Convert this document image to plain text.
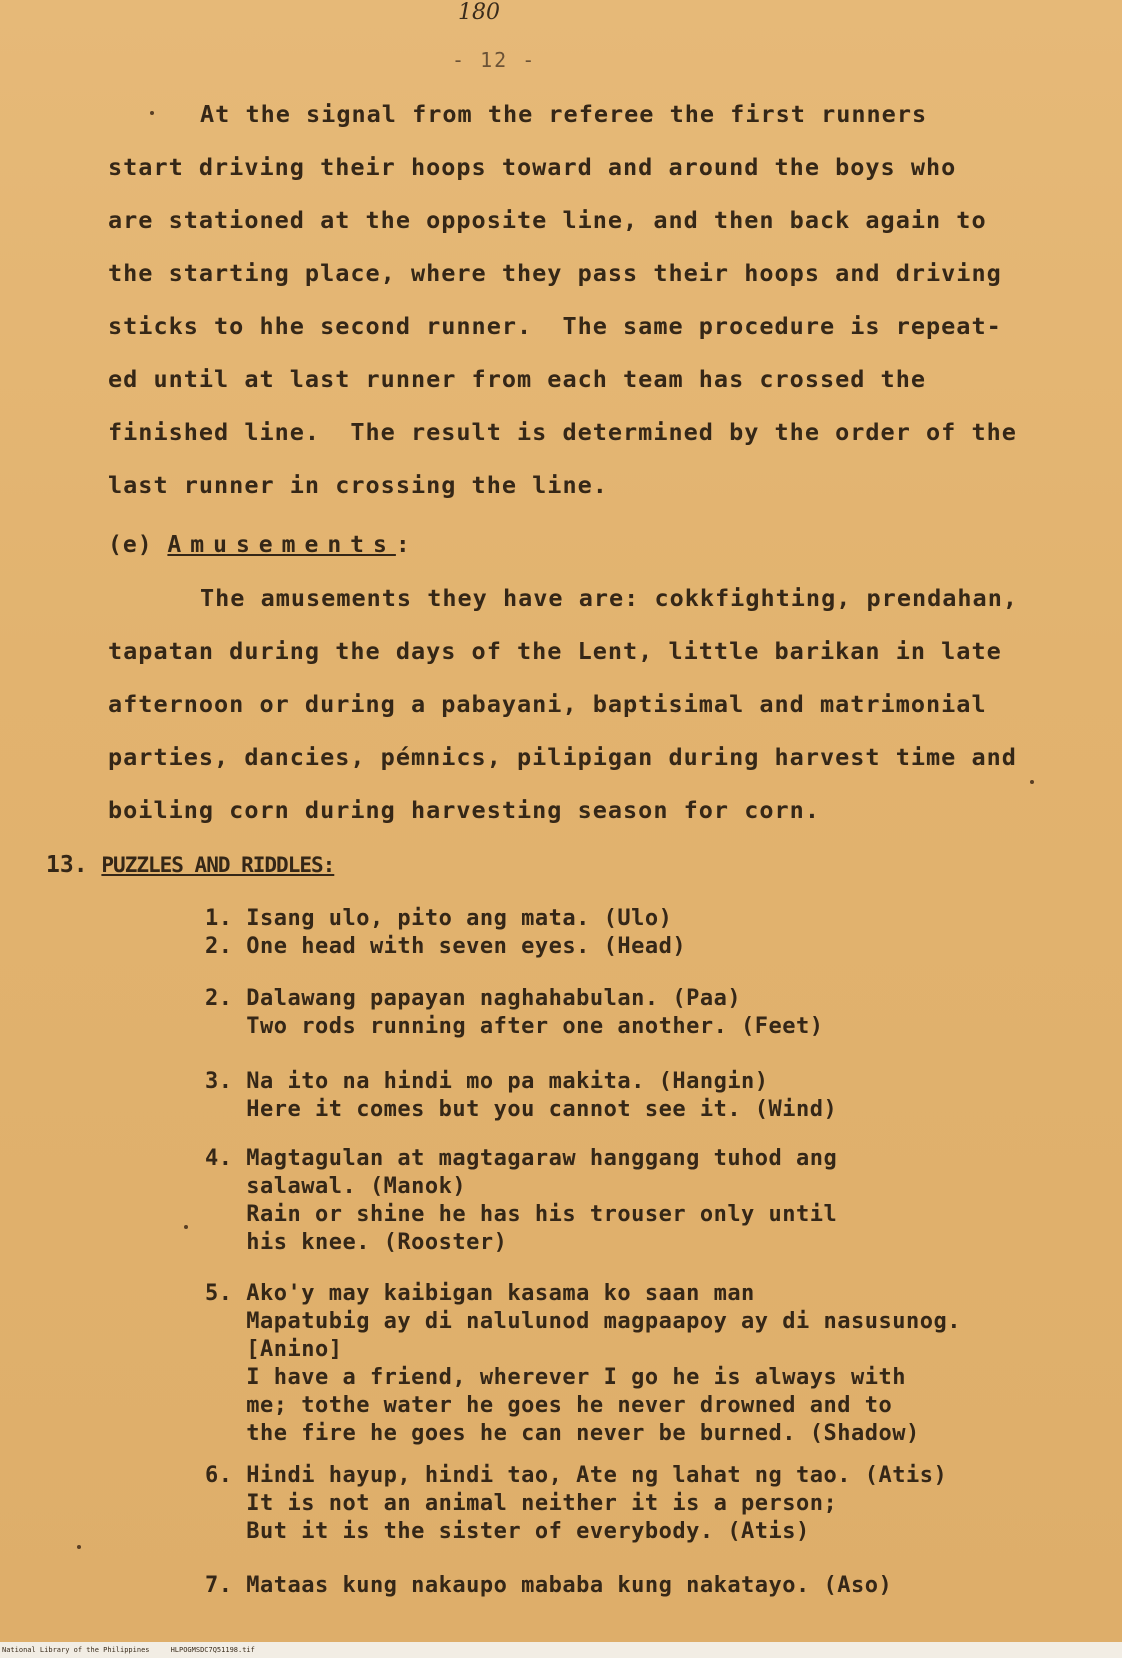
180
- 12 -
At the signal from the referee the first runners
start driving their hoops toward and around the boys who
are stationed at the opposite line, and then back again to
the starting place, where they pass their hoops and driving
sticks to hhe second runner.  The same procedure is repeat-
ed until at last runner from each team has crossed the
finished line.  The result is determined by the order of the
last runner in crossing the line.
(e) Amusements:
The amusements they have are: cokkfighting, prendahan,
tapatan during the days of the Lent, little barikan in late
afternoon or during a pabayani, baptisimal and matrimonial
parties, dancies, pémnics, pilipigan during harvest time and
boiling corn during harvesting season for corn.
13. PUZZLES AND RIDDLES:
1. Isang ulo, pito ang mata. (Ulo)
2. One head with seven eyes. (Head)
2. Dalawang papayan naghahabulan. (Paa)
Two rods running after one another. (Feet)
3. Na ito na hindi mo pa makita. (Hangin)
Here it comes but you cannot see it. (Wind)
4. Magtagulan at magtagaraw hanggang tuhod ang
salawal. (Manok)
Rain or shine he has his trouser only until
his knee. (Rooster)
5. Ako'y may kaibigan kasama ko saan man
Mapatubig ay di nalulunod magpaapoy ay di nasusunog.
[Anino]
I have a friend, wherever I go he is always with
me; tothe water he goes he never drowned and to
the fire he goes he can never be burned. (Shadow)
6. Hindi hayup, hindi tao, Ate ng lahat ng tao. (Atis)
It is not an animal neither it is a person;
But it is the sister of everybody. (Atis)
7. Mataas kung nakaupo mababa kung nakatayo. (Aso)
National Library of the Philippines     HLPOGMSDC7Q51198.tif
